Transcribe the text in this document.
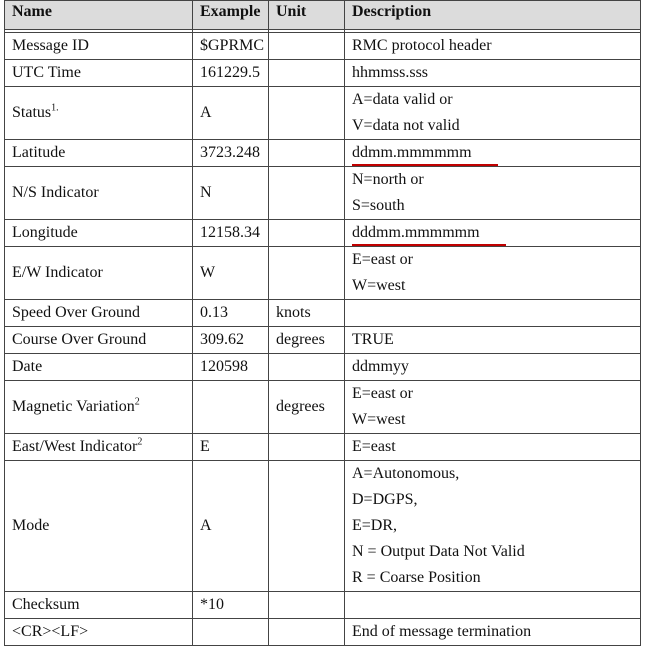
Name	Example	Unit	Description

Message ID	$GPRMC		RMC protocol header

UTC Time	161229.5		hhmmss.sss

Status$^{1.}$	A		A=data valid or
V=data not valid

Latitude	3723.248		ddmm.mmmmmm
N/S Indicator	N		N=north or
S=south

Longitude	12158.34		dddmm.mmmmmm
E/W Indicator	W		E=east or
W=west

Speed Over Ground	0.13	knots	

Course Over Ground	309.62	degrees	TRUE

Date	120598		ddmmyy

Magnetic Variation$^2$		degrees	E=east or
W=west

East/West Indicator$^2$	E		E=east

Mode	A		A=Autonomous,
D=DGPS,
E=DR,
N = Output Data Not Valid
R = Coarse Position

Checksum	*10		

<CR><LF>			End of message termination
